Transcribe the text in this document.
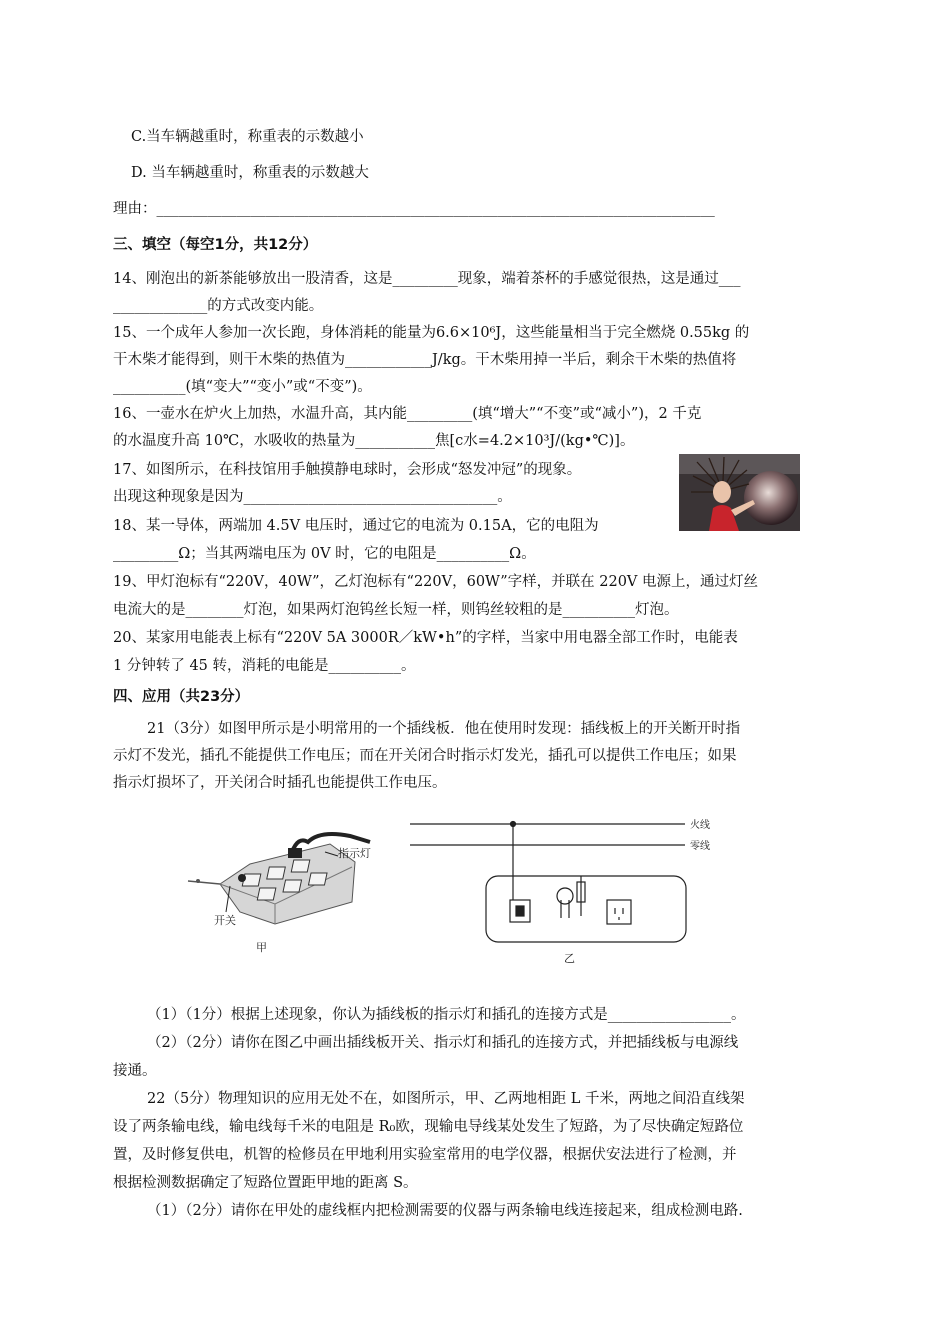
C.当车辆越重时，称重表的示数越小
D. 当车辆越重时，称重表的示数越大
理由：_____________________________________________________________________________
三、填空（每空1分，共12分）
14、刚泡出的新茶能够放出一股清香，这是_________现象，端着茶杯的手感觉很热，这是通过___
_____________的方式改变内能。
15、一个成年人参加一次长跑，身体消耗的能量为6.6×10⁶J，这些能量相当于完全燃烧 0.55kg 的
干木柴才能得到，则干木柴的热值为____________J/kg。干木柴用掉一半后，剩余干木柴的热值将
__________(填“变大”“变小”或“不变”)。
16、一壶水在炉火上加热，水温升高，其内能_________(填“增大”“不变”或“减小”)，2 千克
的水温度升高 10℃，水吸收的热量为___________焦[c水=4.2×10³J/(kg•℃)]。
17、如图所示，在科技馆用手触摸静电球时，会形成“怒发冲冠”的现象。
出现这种现象是因为___________________________________。
18、某一导体，两端加 4.5V 电压时，通过它的电流为 0.15A，它的电阻为
_________Ω；当其两端电压为 0V 时，它的电阻是__________Ω。
19、甲灯泡标有“220V，40W”，乙灯泡标有“220V，60W”字样，并联在 220V 电源上，通过灯丝
电流大的是________灯泡，如果两灯泡钨丝长短一样，则钨丝较粗的是__________灯泡。
20、某家用电能表上标有“220V 5A 3000R／kW•h”的字样，当家中用电器全部工作时，电能表
1 分钟转了 45 转，消耗的电能是__________。
四、应用（共23分）
21（3分）如图甲所示是小明常用的一个插线板．他在使用时发现：插线板上的开关断开时指
示灯不发光，插孔不能提供工作电压；而在开关闭合时指示灯发光，插孔可以提供工作电压；如果
指示灯损坏了，开关闭合时插孔也能提供工作电压。
指示灯
开关
甲
火线
零线
乙
（1）（1分）根据上述现象，你认为插线板的指示灯和插孔的连接方式是_________________。
（2）（2分）请你在图乙中画出插线板开关、指示灯和插孔的连接方式，并把插线板与电源线
接通。
22（5分）物理知识的应用无处不在，如图所示，甲、乙两地相距 L 千米，两地之间沿直线架
设了两条输电线，输电线每千米的电阻是 R₀欧，现输电导线某处发生了短路，为了尽快确定短路位
置，及时修复供电，机智的检修员在甲地利用实验室常用的电学仪器，根据伏安法进行了检测，并
根据检测数据确定了短路位置距甲地的距离 S。
（1）（2分）请你在甲处的虚线框内把检测需要的仪器与两条输电线连接起来，组成检测电路.
